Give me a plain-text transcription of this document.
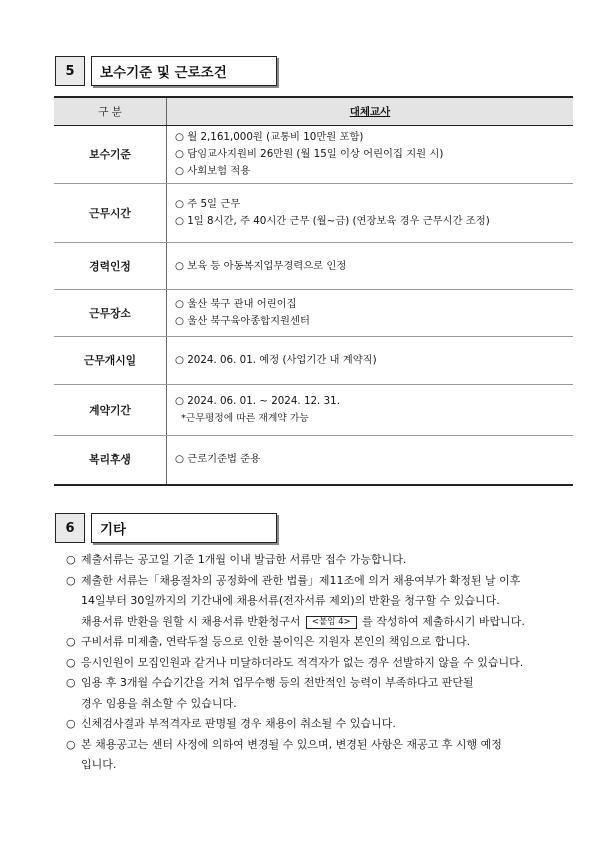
5	보수기준 및 근로조건
구 분	대체교사
보수기준	○ 월 2,161,000원 (교통비 10만원 포함)
○ 담임교사지원비 26만원 (월 15일 이상 어린이집 지원 시)
○ 사회보험 적용

근무시간	○ 주 5일 근무
○ 1일 8시간, 주 40시간 근무 (월~금) (연장보육 경우 근무시간 조정)

경력인정	○ 보육 등 아동복지업무경력으로 인정

근무장소	○ 울산 북구 관내 어린이집
○ 울산 북구육아종합지원센터

근무개시일	○ 2024. 06. 01. 예정 (사업기간 내 계약직)

계약기간	○ 2024. 06. 01. ~ 2024. 12. 31.
*근무평정에 따른 재계약 가능

복리후생	○ 근로기준법 준용
6	기타
○ 제출서류는 공고일 기준 1개월 이내 발급한 서류만 접수 가능합니다.
○ 제출한 서류는「채용절차의 공정화에 관한 법률」제11조에 의거 채용여부가 확정된 날 이후
14일부터 30일까지의 기간내에 채용서류(전자서류 제외)의 반환을 청구할 수 있습니다.
채용서류 반환을 원할 시 채용서류 반환청구서 <붙임 4> 를 작성하여 제출하시기 바랍니다.
○ 구비서류 미제출, 연락두절 등으로 인한 불이익은 지원자 본인의 책임으로 합니다.
○ 응시인원이 모집인원과 같거나 미달하더라도 적격자가 없는 경우 선발하지 않을 수 있습니다.
○ 임용 후 3개월 수습기간을 거쳐 업무수행 등의 전반적인 능력이 부족하다고 판단될
경우 임용을 취소할 수 있습니다.
○ 신체검사결과 부적격자로 판명될 경우 채용이 취소될 수 있습니다.
○ 본 채용공고는 센터 사정에 의하여 변경될 수 있으며, 변경된 사항은 재공고 후 시행 예정
입니다.
